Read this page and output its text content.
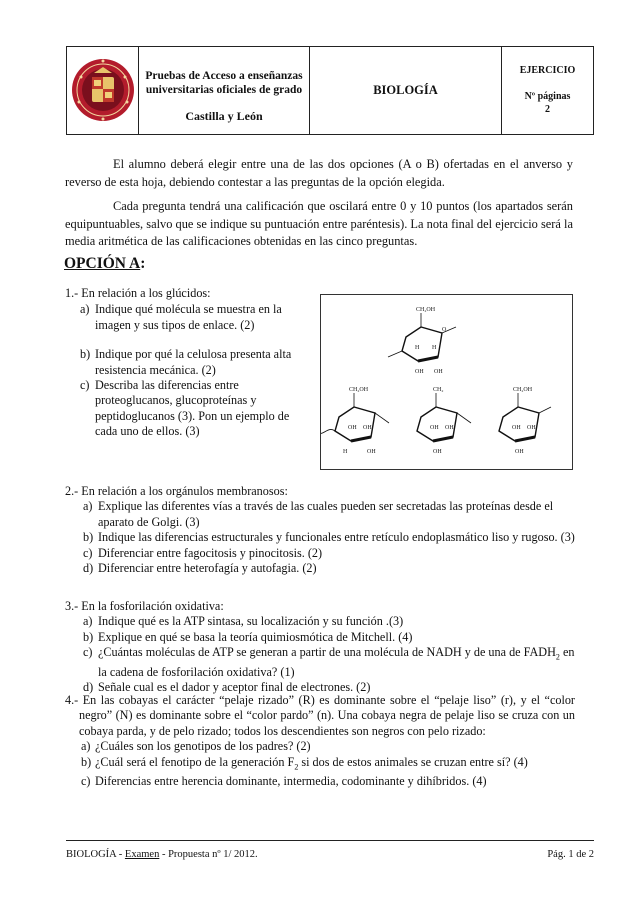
Pruebas de Acceso a enseñanzas
universitarias oficiales de grado
Castilla y León
BIOLOGÍA
EJERCICIO
Nº páginas
2
El alumno deberá elegir entre una de las dos opciones (A o B) ofertadas en el anverso y reverso de esta hoja, debiendo contestar a las preguntas de la opción elegida.
Cada pregunta tendrá una calificación que oscilará entre 0 y 10 puntos (los apartados serán equipuntuables, salvo que se indique su puntuación entre paréntesis). La nota final del ejercicio será la media aritmética de las calificaciones obtenidas en las cinco preguntas.
OPCIÓN A:
1.- En relación a los glúcidos:
a) Indique qué molécula se muestra en la imagen y sus tipos de enlace. (2)
b) Indique por qué la celulosa presenta alta resistencia mecánica. (2)
c) Describa las diferencias entre proteoglucanos, glucoproteínas y peptidoglucanos (3). Pon un ejemplo de cada uno de ellos. (3)
CH₂OH
O
OH OH
H H
CH₂OH
OH OH
H	OH
CH₂
OH OH
OH
CH₂OH
OH OH
OH
2.- En relación a los orgánulos membranosos:
a) Explique las diferentes vías a través de las cuales pueden ser secretadas las proteínas desde el aparato de Golgi. (3)
b) Indique las diferencias estructurales y funcionales entre retículo endoplasmático liso y rugoso. (3)
c) Diferenciar entre fagocitosis y pinocitosis. (2)
d) Diferenciar entre heterofagía y autofagia. (2)
3.- En la fosforilación oxidativa:
a) Indique qué es la ATP sintasa, su localización y su función .(3)
b) Explique en qué se basa la teoría quimiosmótica de Mitchell. (4)
c) ¿Cuántas moléculas de ATP se generan a partir de una molécula de NADH y de una de $FADH_2$ en la cadena de fosforilación oxidativa? (1)
d) Señale cual es el dador y aceptor final de electrones. (2)
4.- En las cobayas el carácter “pelaje rizado” (R) es dominante sobre el “pelaje liso” (r), y el “color negro” (N) es dominante sobre el “color pardo” (n). Una cobaya negra de pelaje liso se cruza con un cobaya parda, y de pelo rizado; todos los descendientes son negros con pelo rizado:
a) ¿Cuáles son los genotipos de los padres? (2)
b) ¿Cuál será el fenotipo de la generación $F_2$ si dos de estos animales se cruzan entre sí? (4)
c) Diferencias entre herencia dominante, intermedia, codominante y dihíbridos. (4)
BIOLOGÍA - Examen - Propuesta nº 1/ 2012.	Pág. 1 de 2
